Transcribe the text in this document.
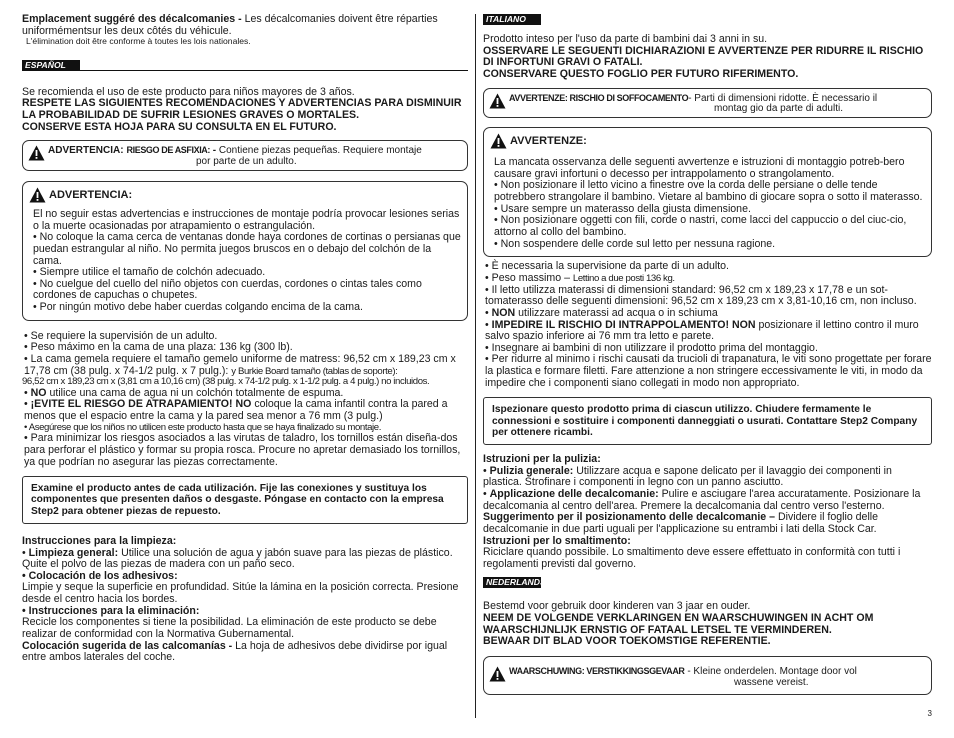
Emplacement suggéré des décalcomanies - Les décalcomanies doivent être réparties uniformémentsur les deux côtés du véhicule.

L'élimination doit être conforme à toutes les lois nationales.

ESPAÑOL

Se recomienda el uso de este producto para niños mayores de 3 años.

RESPETE LAS SIGUIENTES RECOMENDACIONES Y ADVERTENCIAS PARA DISMINUIR LA PROBABILIDAD DE SUFRIR LESIONES GRAVES O MORTALES.
CONSERVE ESTA HOJA PARA SU CONSULTA EN EL FUTURO.

ADVERTENCIA: RIESGO DE ASFIXIA: - Contiene piezas pequeñas. Requiere montaje
por parte de un adulto.
ADVERTENCIA:

El no seguir estas advertencias e instrucciones de montaje podría provocar lesiones serias o la muerte ocasionadas por atrapamiento o estrangulación.

• No coloque la cama cerca de ventanas donde haya cordones de cortinas o persianas que puedan estrangular al niño. No permita juegos bruscos en o debajo del colchón de la cama.

• Siempre utilice el tamaño de colchón adecuado.

• No cuelgue del cuello del niño objetos con cuerdas, cordones o cintas tales como cordones de capuchas o chupetes.

• Por ningún motivo debe haber cuerdas colgando encima de la cama.

• Se requiere la supervisión de un adulto.

• Peso máximo en la cama de una plaza: 136 kg (300 lb).

• La cama gemela requiere el tamaño gemelo uniforme de matress: 96,52 cm x 189,23 cm x 17,78 cm (38 pulg. x 74-1/2 pulg. x 7 pulg.): y Burkie Board tamaño (tablas de soporte):

96,52 cm x 189,23 cm x (3,81 cm a 10,16 cm) (38 pulg. x 74-1/2 pulg. x 1-1/2 pulg. a 4 pulg.) no incluidos.

• NO utilice una cama de agua ni un colchón totalmente de espuma.

• ¡EVITE EL RIESGO DE ATRAPAMIENTO! NO coloque la cama infantil contra la pared a menos que el espacio entre la cama y la pared sea menor a 76 mm (3 pulg.)

• Asegúrese que los niños no utilicen este producto hasta que se haya finalizado su montaje.

• Para minimizar los riesgos asociados a las virutas de taladro, los tornillos están diseña-dos para perforar el plástico y formar su propia rosca. Procure no apretar demasiado los tornillos, ya que podrían no asegurar las piezas correctamente.

Examine el producto antes de cada utilización. Fije las conexiones y sustituya los componentes que presenten daños o desgaste. Póngase en contacto con la empresa Step2 para obtener piezas de repuesto.

Instrucciones para la limpieza:

• Limpieza general: Utilice una solución de agua y jabón suave para las piezas de plástico. Quite el polvo de las piezas de madera con un paño seco.

• Colocación de los adhesivos:

Limpie y seque la superficie en profundidad. Sitúe la lámina en la posición correcta. Presione desde el centro hacia los bordes.

• Instrucciones para la eliminación:

Recicle los componentes si tiene la posibilidad. La eliminación de este producto se debe realizar de conformidad con la Normativa Gubernamental.

Colocación sugerida de las calcomanías - La hoja de adhesivos debe dividirse por igual entre ambos laterales del coche.

ITALIANO

Prodotto inteso per l'uso da parte di bambini dai 3 anni in su.

OSSERVARE LE SEGUENTI DICHIARAZIONI E AVVERTENZE PER RIDURRE IL RISCHIO DI INFORTUNI GRAVI O FATALI.
CONSERVARE QUESTO FOGLIO PER FUTURO RIFERIMENTO.

AVVERTENZE: RISCHIO DI SOFFOCAMENTO- Parti di dimensioni ridotte. È necessario il
montag gio da parte di adulti.
AVVERTENZE:

La mancata osservanza delle seguenti avvertenze e istruzioni di montaggio potreb-bero causare gravi infortuni o decesso per intrappolamento o strangolamento.

• Non posizionare il letto vicino a finestre ove la corda delle persiane o delle tende potrebbero strangolare il bambino. Vietare al bambino di giocare sopra o sotto il materasso.

• Usare sempre un materasso della giusta dimensione.

• Non posizionare oggetti con fili, corde o nastri, come lacci del cappuccio o del ciuc-cio, attorno al collo del bambino.

• Non sospendere delle corde sul letto per nessuna ragione.

• È necessaria la supervisione da parte di un adulto.

• Peso massimo – Lettino a due posti 136 kg.

• Il letto utilizza materassi di dimensioni standard: 96,52 cm x 189,23 x 17,78 e un sot-tomaterasso delle seguenti dimensioni: 96,52 cm x 189,23 cm x 3,81-10,16 cm, non incluso.

• NON utilizzare materassi ad acqua o in schiuma

• IMPEDIRE IL RISCHIO DI INTRAPPOLAMENTO! NON posizionare il lettino contro il muro salvo spazio inferiore ai 76 mm tra letto e parete.

• Insegnare ai bambini di non utilizzare il prodotto prima del montaggio.

• Per ridurre al minimo i rischi causati da trucioli di trapanatura, le viti sono progettate per forare la plastica e formare filetti. Fare attenzione a non stringere eccessivamente le viti, in modo da impedire che i componenti siano collegati in modo non appropriato.

Ispezionare questo prodotto prima di ciascun utilizzo. Chiudere fermamente le connessioni e sostituire i componenti danneggiati o usurati. Contattare Step2 Company per ottenere ricambi.

Istruzioni per la pulizia:

• Pulizia generale: Utilizzare acqua e sapone delicato per il lavaggio dei componenti in plastica. Strofinare i componenti in legno con un panno asciutto.

• Applicazione delle decalcomanie: Pulire e asciugare l'area accuratamente. Posizionare la decalcomania al centro dell'area. Premere la decalcomania dal centro verso l'esterno.

Suggerimento per il posizionamento delle decalcomanie – Dividere il foglio delle decalcomanie in due parti uguali per l'applicazione su entrambi i lati della Stock Car.

Istruzioni per lo smaltimento:

Riciclare quando possibile. Lo smaltimento deve essere effettuato in conformità con tutti i regolamenti previsti dal governo.

NEDERLANDS

Bestemd voor gebruik door kinderen van 3 jaar en ouder.

NEEM DE VOLGENDE VERKLARINGEN EN WAARSCHUWINGEN IN ACHT OM WAARSCHIJNLIJK ERNSTIG OF FATAAL LETSEL TE VERMINDEREN.
BEWAAR DIT BLAD VOOR TOEKOMSTIGE REFERENTIE.

WAARSCHUWING: VERSTIKKINGSGEVAAR - Kleine onderdelen. Montage door vol
wassene vereist.
3
